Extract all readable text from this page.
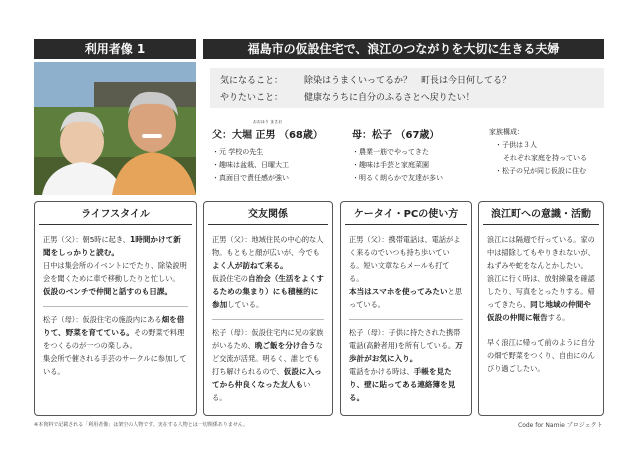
利用者像 1	福島市の仮設住宅で、浪江のつながりを大切に生きる夫婦
気になること：	除染はうまくいってるか？　町長は今日何してる？
やりたいこと：	健康なうちに自分のふるさとへ戻りたい！
おおほり まさお
父：大堀 正男 （68歳）
・ 元 学校の先生
・ 趣味は盆栽、日曜大工
・ 真面目で責任感が強い
母：松子 （67歳）
・ 農業一筋でやってきた
・ 趣味は手芸と家庭菜園
・ 明るく朗らかで友達が多い
家族構成：
・子供は３人
それぞれ家庭を持っている
・松子の兄が同じ仮設に住む
ライフスタイル

正男（父）：朝5時に起き、1時間かけて新聞をしっかりと読む。

日中は集会所のイベントにでたり、除染説明会を聞くために車で移動したりと忙しい。

仮設のベンチで仲間と話すのも日課。

松子（母）：仮設住宅の施設内にある畑を借りて、野菜を育てている。その野菜で料理をつくるのが一つの楽しみ。

集会所で催される手芸のサークルに参加している。

交友関係

正男（父）：地域住民の中心的な人物。もともと顔が広いが、今でもよく人が訪ねて来る。

仮設住宅の自治会（生活をよくするための集まり）にも積極的に参加している。

松子（母）：仮設住宅内に兄の家族がいるため、晩ご飯を分け合うなど交流が活発。明るく、誰とでも打ち解けられるので、仮設に入ってから仲良くなった友人もいる。

ケータイ・PCの使い方

正男（父）：携帯電話は、電話がよく来るのでいつも持ち歩いている。短い文章ならメールも打てる。

本当はスマホを使ってみたいと思っている。

松子（母）：子供に持たされた携帯電話(高齢者用)を所有している。万歩計がお気に入り。

電話をかける時は、手帳を見たり、壁に貼ってある連絡簿を見る。

浪江町への意識・活動

浪江には隔週で行っている。家の中は掃除してもやりきれないが、ねずみや蛇をなんとかしたい。

浪江に行く時は、放射線量を確認したり、写真をとったりする。帰ってきたら、同じ地域の仲間や仮設の仲間に報告する。

早く浪江に帰って前のように自分の畑で野菜をつくり、自由にのんびり過ごしたい。

※本資料で記載される「利用者像」は架空の人物です。実在する人物とは一切関係ありません。	Code for Namie プロジェクト
